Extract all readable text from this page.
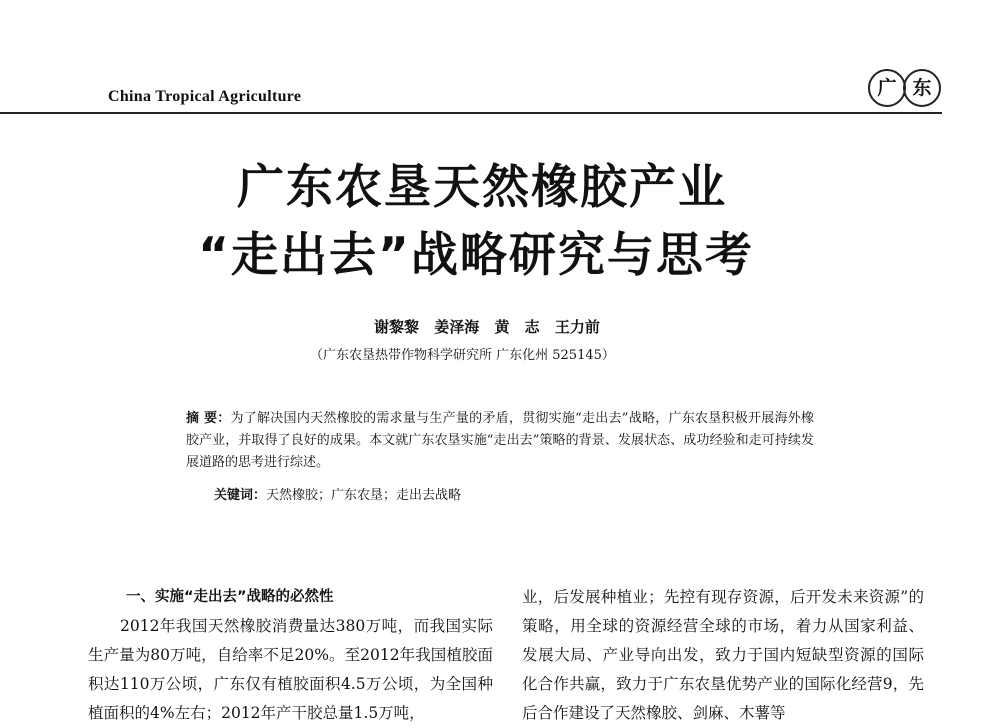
China Tropical Agriculture	广 东
广东农垦天然橡胶产业
“走出去”战略研究与思考
谢黎黎 姜泽海 黄 志 王力前
（广东农垦热带作物科学研究所 广东化州 525145）
摘 要：为了解决国内天然橡胶的需求量与生产量的矛盾，贯彻实施“走出去”战略，广东农垦积极开展海外橡胶产业，并取得了良好的成果。本文就广东农垦实施“走出去”策略的背景、发展状态、成功经验和走可持续发展道路的思考进行综述。
关键词：天然橡胶；广东农垦；走出去战略
一、实施“走出去”战略的必然性

2012年我国天然橡胶消费量达380万吨，而我国实际生产量为80万吨，自给率不足20%。至2012年我国植胶面积达110万公顷，广东仅有植胶面积4.5万公顷，为全国种植面积的4%左右；2012年产干胶总量1.5万吨，

业，后发展种植业；先控有现存资源，后开发未来资源”的策略，用全球的资源经营全球的市场，着力从国家利益、发展大局、产业导向出发，致力于国内短缺型资源的国际化合作共赢，致力于广东农垦优势产业的国际化经营9，先后合作建设了天然橡胶、剑麻、木薯等
